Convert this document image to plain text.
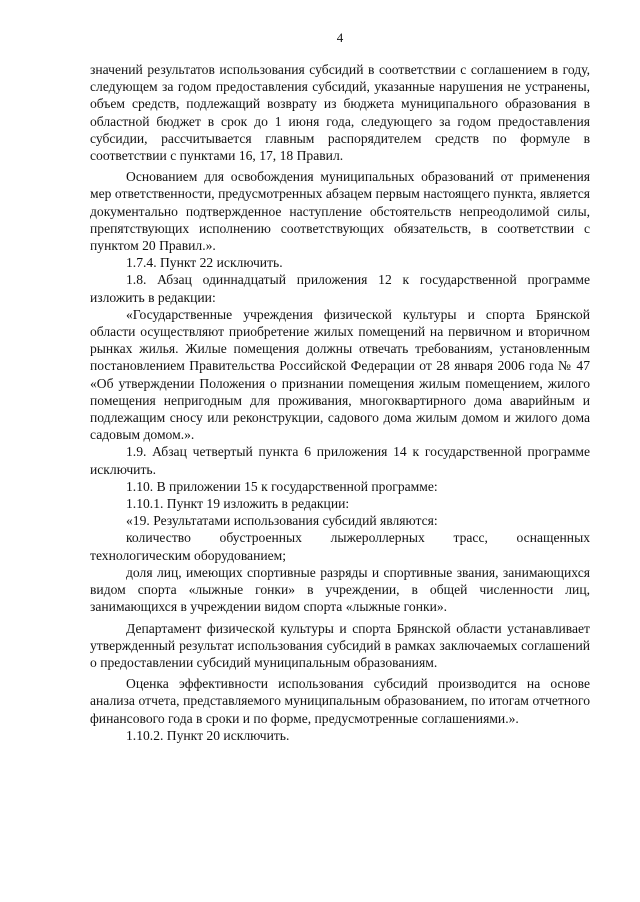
4

значений результатов использования субсидий в соответствии с соглашением в году, следующем за годом предоставления субсидий, указанные нарушения не устранены, объем средств, подлежащий возврату из бюджета муниципального образования в областной бюджет в срок до 1 июня года, следующего за годом предоставления субсидии, рассчитывается главным распорядителем средств по формуле в соответствии с пунктами 16, 17, 18 Правил.

Основанием для освобождения муниципальных образований от применения мер ответственности, предусмотренных абзацем первым настоящего пункта, является документально подтвержденное наступление обстоятельств непреодолимой силы, препятствующих исполнению соответствующих обязательств, в соответствии с пунктом 20 Правил.».

1.7.4. Пункт 22 исключить.

1.8. Абзац одиннадцатый приложения 12 к государственной программе изложить в редакции:

«Государственные учреждения физической культуры и спорта Брянской области осуществляют приобретение жилых помещений на первичном и вторичном рынках жилья. Жилые помещения должны отвечать требованиям, установленным постановлением Правительства Российской Федерации от 28 января 2006 года № 47 «Об утверждении Положения о признании помещения жилым помещением, жилого помещения непригодным для проживания, многоквартирного дома аварийным и подлежащим сносу или реконструкции, садового дома жилым домом и жилого дома садовым домом.».

1.9. Абзац четвертый пункта 6 приложения 14 к государственной программе исключить.

1.10. В приложении 15 к государственной программе:

1.10.1. Пункт 19 изложить в редакции:

«19. Результатами использования субсидий являются:

количество обустроенных лыжероллерных трасс, оснащенных технологическим оборудованием;

доля лиц, имеющих спортивные разряды и спортивные звания, занимающихся видом спорта «лыжные гонки» в учреждении, в общей численности лиц, занимающихся в учреждении видом спорта «лыжные гонки».

Департамент физической культуры и спорта Брянской области устанавливает утвержденный результат использования субсидий в рамках заключаемых соглашений о предоставлении субсидий муниципальным образованиям.

Оценка эффективности использования субсидий производится на основе анализа отчета, представляемого муниципальным образованием, по итогам отчетного финансового года в сроки и по форме, предусмотренные соглашениями.».

1.10.2. Пункт 20 исключить.
